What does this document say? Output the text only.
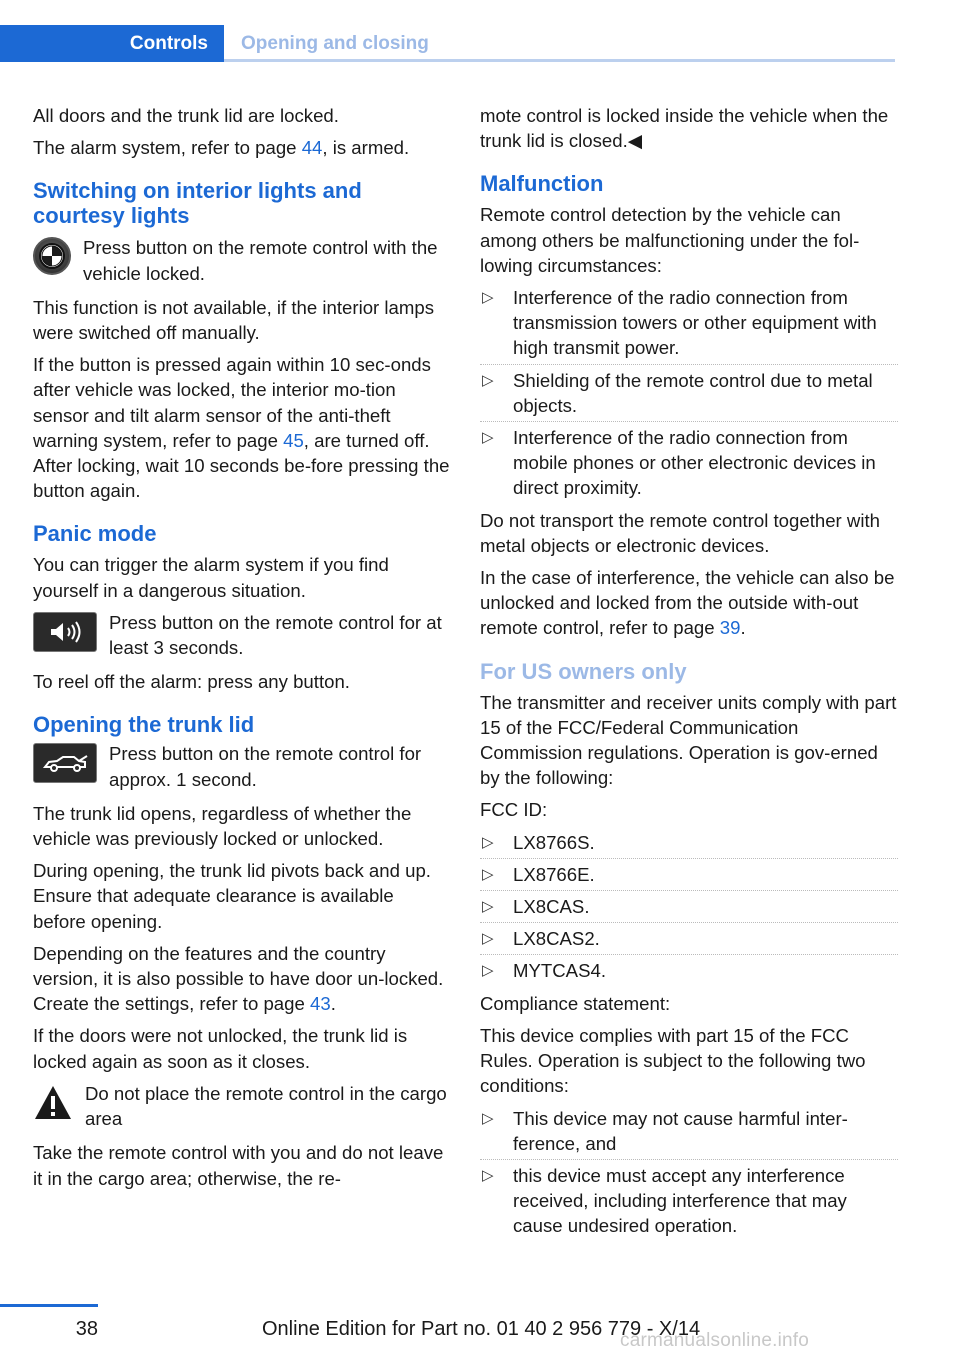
Controls	Opening and closing

All doors and the trunk lid are locked.

The alarm system, refer to page 44, is armed.

Switching on interior lights and courtesy lights

Press button on the remote control with the vehicle locked.

This function is not available, if the interior lamps were switched off manually.

If the button is pressed again within 10 sec‐onds after vehicle was locked, the interior mo‐tion sensor and tilt alarm sensor of the anti‐theft warning system, refer to page 45, are turned off. After locking, wait 10 seconds be‐fore pressing the button again.

Panic mode

You can trigger the alarm system if you find yourself in a dangerous situation.

Press button on the remote control for at least 3 seconds.

To reel off the alarm: press any button.

Opening the trunk lid

Press button on the remote control for approx. 1 second.

The trunk lid opens, regardless of whether the vehicle was previously locked or unlocked.

During opening, the trunk lid pivots back and up. Ensure that adequate clearance is available before opening.

Depending on the features and the country version, it is also possible to have door un‐locked. Create the settings, refer to page 43.

If the doors were not unlocked, the trunk lid is locked again as soon as it closes.

Do not place the remote control in the cargo area

Take the remote control with you and do not leave it in the cargo area; otherwise, the re‐

mote control is locked inside the vehicle when the trunk lid is closed.◀

Malfunction

Remote control detection by the vehicle can among others be malfunctioning under the fol‐lowing circumstances:

▷ Interference of the radio connection from transmission towers or other equipment with high transmit power.
▷ Shielding of the remote control due to metal objects.
▷ Interference of the radio connection from mobile phones or other electronic devices in direct proximity.

Do not transport the remote control together with metal objects or electronic devices.

In the case of interference, the vehicle can also be unlocked and locked from the outside with‐out remote control, refer to page 39.

For US owners only

The transmitter and receiver units comply with part 15 of the FCC/Federal Communication Commission regulations. Operation is gov‐erned by the following:

FCC ID:

▷ LX8766S.
▷ LX8766E.
▷ LX8CAS.
▷ LX8CAS2.
▷ MYTCAS4.

Compliance statement:

This device complies with part 15 of the FCC Rules. Operation is subject to the following two conditions:

▷ This device may not cause harmful inter‐ference, and
▷ this device must accept any interference received, including interference that may cause undesired operation.
38	Online Edition for Part no. 01 40 2 956 779 - X/14
carmanualsonline.info
